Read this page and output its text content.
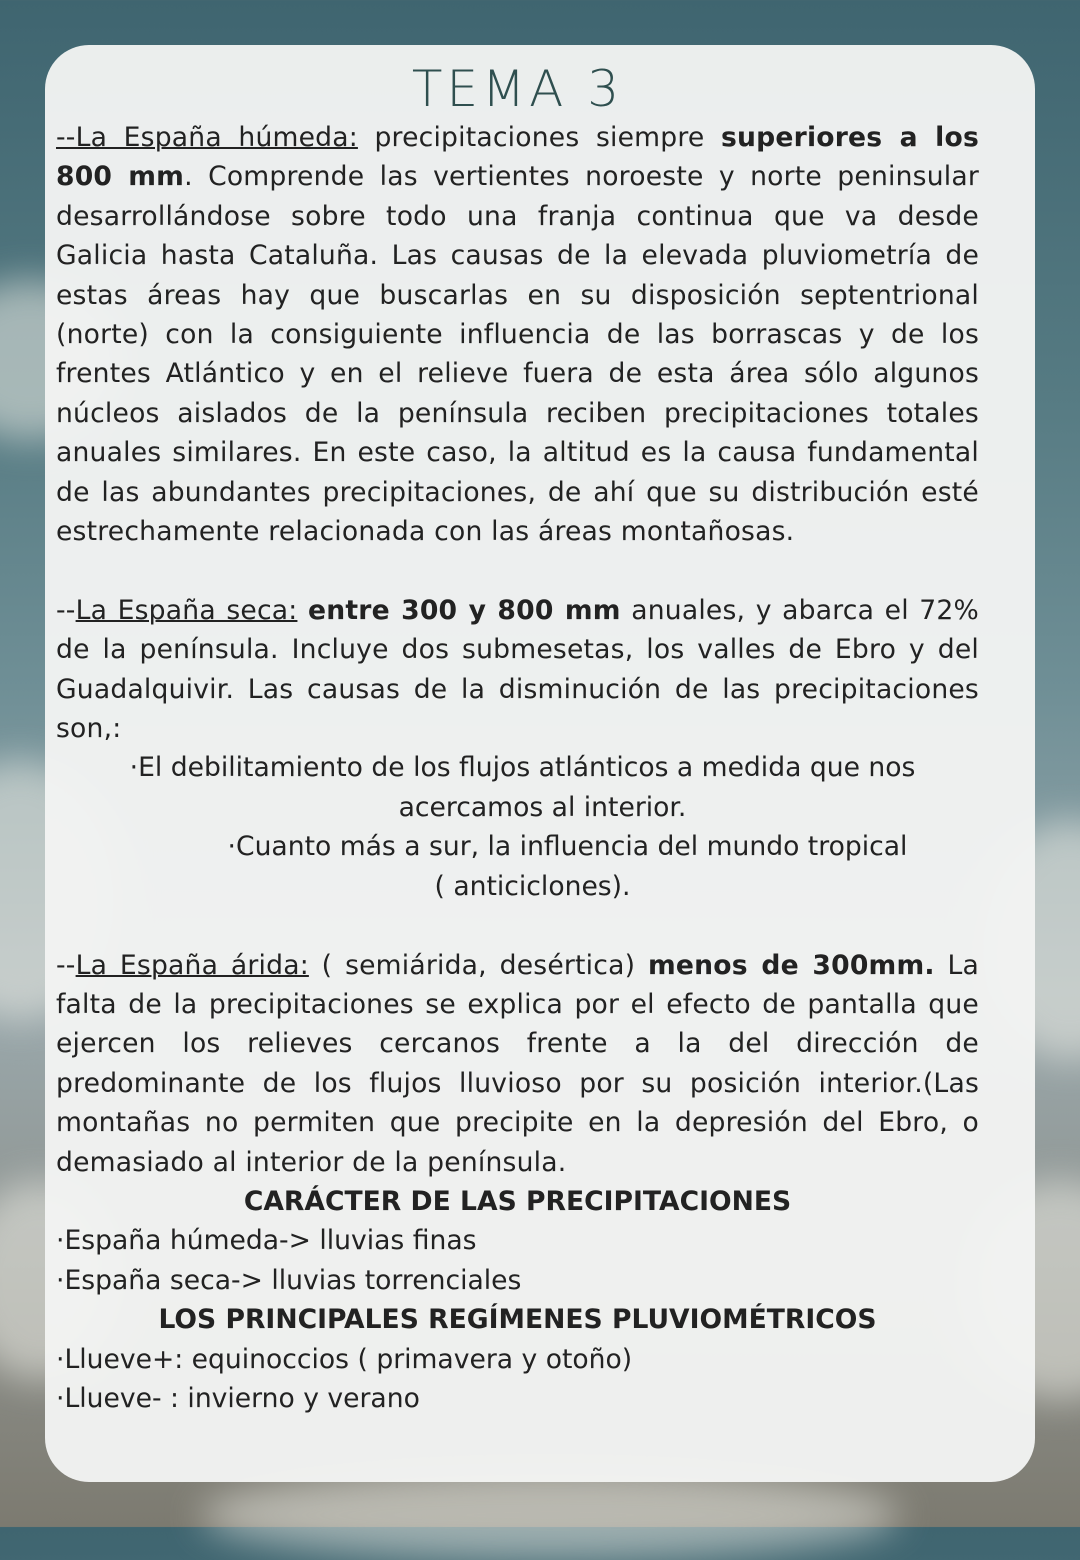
TEMA 3

--La España húmeda: precipitaciones siempre superiores a los 800 mm. Comprende las vertientes noroeste y norte peninsular desarrollándose sobre todo una franja continua que va desde Galicia hasta Cataluña. Las causas de la elevada pluviometría de estas áreas hay que buscarlas en su disposición septentrional (norte) con la consiguiente influencia de las borrascas y de los frentes Atlántico y en el relieve fuera de esta área sólo algunos núcleos aislados de la península reciben precipitaciones totales anuales similares. En este caso, la altitud es la causa fundamental de las abundantes precipitaciones, de ahí que su distribución esté estrechamente relacionada con las áreas montañosas.

--La España seca: entre 300 y 800 mm anuales, y abarca el 72% de la península. Incluye dos submesetas, los valles de Ebro y del Guadalquivir. Las causas de la disminución de las precipitaciones son,:

·El debilitamiento de los flujos atlánticos a medida que nos

acercamos al interior.

·Cuanto más a sur, la influencia del mundo tropical

( anticiclones).

--La España árida: ( semiárida, desértica) menos de 300mm. La falta de la precipitaciones se explica por el efecto de pantalla que ejercen los relieves cercanos frente a la del dirección de predominante de los flujos lluvioso por su posición interior.(Las montañas no permiten que precipite en la depresión del Ebro, o demasiado al interior de la península.

CARÁCTER DE LAS PRECIPITACIONES

·España húmeda-> lluvias finas

·España seca-> lluvias torrenciales

LOS PRINCIPALES REGÍMENES PLUVIOMÉTRICOS

·Llueve+: equinoccios ( primavera y otoño)

·Llueve- : invierno y verano
